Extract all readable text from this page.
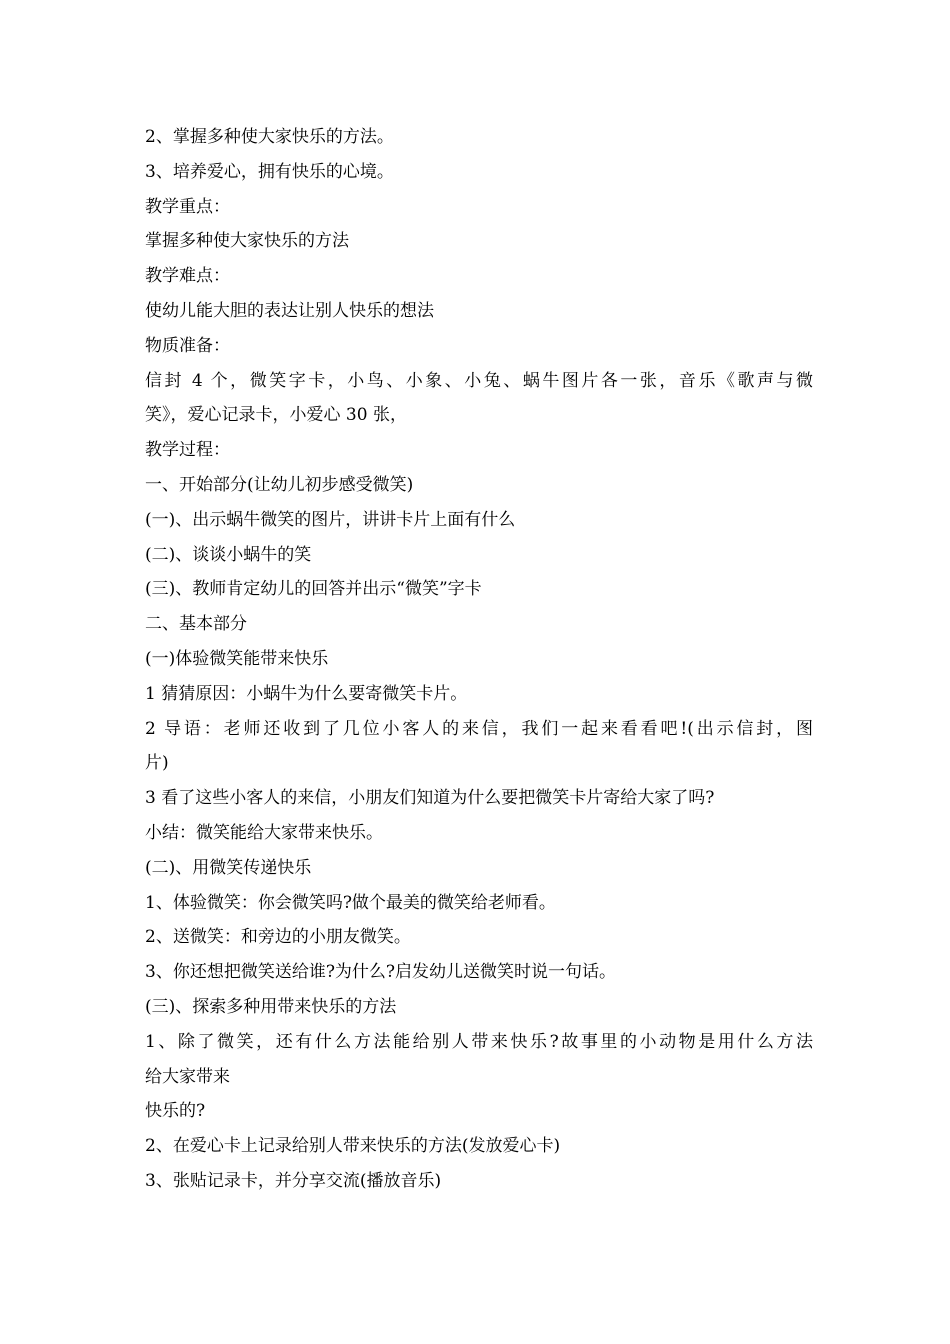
2、掌握多种使大家快乐的方法。
3、培养爱心，拥有快乐的心境。
教学重点：
掌握多种使大家快乐的方法
教学难点：
使幼儿能大胆的表达让别人快乐的想法
物质准备：
信封 4 个，微笑字卡，小鸟、小象、小兔、蜗牛图片各一张，音乐《歌声与微
笑》，爱心记录卡，小爱心 30 张，
教学过程：
一、开始部分(让幼儿初步感受微笑)
(一)、出示蜗牛微笑的图片，讲讲卡片上面有什么
(二)、谈谈小蜗牛的笑
(三)、教师肯定幼儿的回答并出示“微笑”字卡
二、基本部分
(一)体验微笑能带来快乐
1 猜猜原因：小蜗牛为什么要寄微笑卡片。
2 导语：老师还收到了几位小客人的来信，我们一起来看看吧!(出示信封，图
片)
3 看了这些小客人的来信，小朋友们知道为什么要把微笑卡片寄给大家了吗?
小结：微笑能给大家带来快乐。
(二)、用微笑传递快乐
1、体验微笑：你会微笑吗?做个最美的微笑给老师看。
2、送微笑：和旁边的小朋友微笑。
3、你还想把微笑送给谁?为什么?启发幼儿送微笑时说一句话。
(三)、探索多种用带来快乐的方法
1、除了微笑，还有什么方法能给别人带来快乐?故事里的小动物是用什么方法
给大家带来
快乐的?
2、在爱心卡上记录给别人带来快乐的方法(发放爱心卡)
3、张贴记录卡，并分享交流(播放音乐)
